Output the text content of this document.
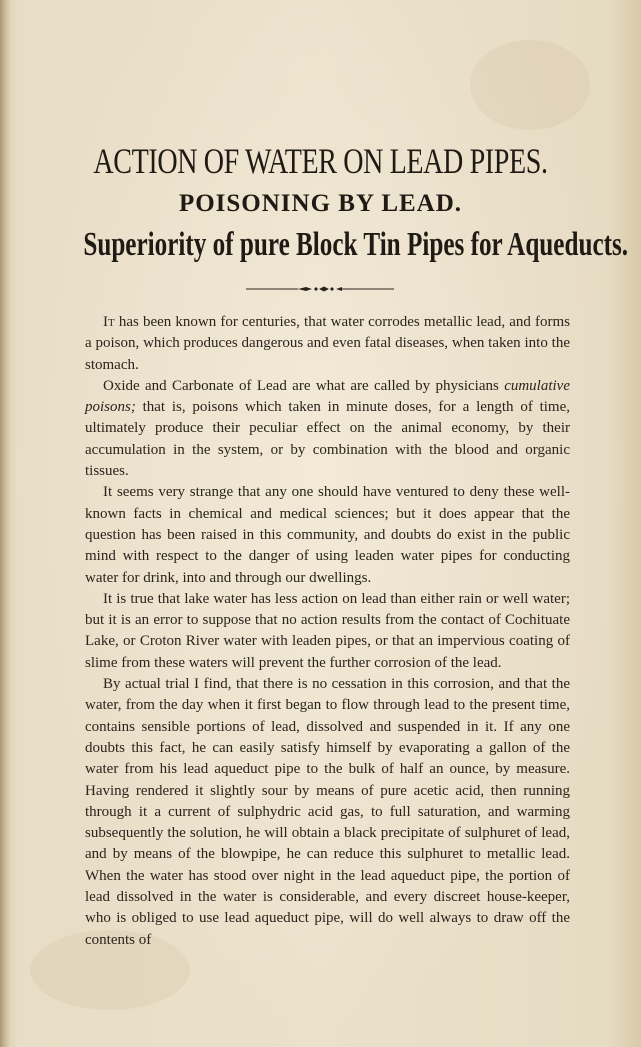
ACTION OF WATER ON LEAD PIPES.
POISONING BY LEAD.
Superiority of pure Block Tin Pipes for Aqueducts.

It has been known for centuries, that water corrodes metallic lead, and forms a poison, which produces dangerous and even fatal diseases, when taken into the stomach.

Oxide and Carbonate of Lead are what are called by physicians cumulative poisons; that is, poisons which taken in minute doses, for a length of time, ultimately produce their peculiar effect on the animal economy, by their accumulation in the system, or by combination with the blood and organic tissues.

It seems very strange that any one should have ventured to deny these well-known facts in chemical and medical sciences; but it does appear that the question has been raised in this community, and doubts do exist in the public mind with respect to the danger of using leaden water pipes for conducting water for drink, into and through our dwellings.

It is true that lake water has less action on lead than either rain or well water; but it is an error to suppose that no action results from the contact of Cochituate Lake, or Croton River water with leaden pipes, or that an impervious coating of slime from these waters will prevent the further corrosion of the lead.

By actual trial I find, that there is no cessation in this corrosion, and that the water, from the day when it first began to flow through lead to the present time, contains sensible portions of lead, dissolved and suspended in it. If any one doubts this fact, he can easily satisfy himself by evaporating a gallon of the water from his lead aqueduct pipe to the bulk of half an ounce, by measure. Having rendered it slightly sour by means of pure acetic acid, then running through it a current of sulphydric acid gas, to full saturation, and warming subsequently the solution, he will obtain a black precipitate of sulphuret of lead, and by means of the blowpipe, he can reduce this sulphuret to metallic lead. When the water has stood over night in the lead aqueduct pipe, the portion of lead dissolved in the water is considerable, and every discreet house-keeper, who is obliged to use lead aqueduct pipe, will do well always to draw off the contents of
